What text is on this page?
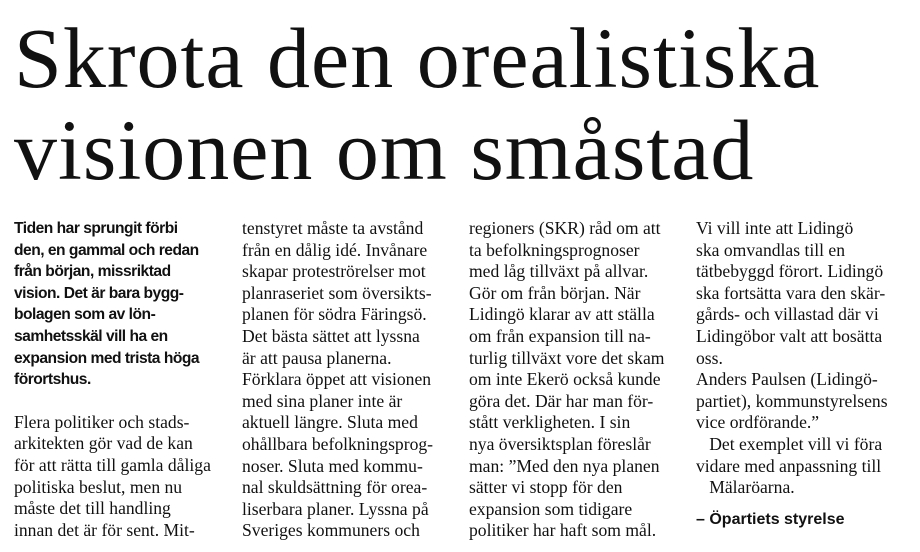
Skrota den orealistiska
visionen om småstad

Tiden har sprungit förbi
den, en gammal och redan
från början, missriktad
vision. Det är bara bygg-
bolagen som av lön-
samhetsskäl vill ha en
expansion med trista höga
förortshus.

Flera politiker och stads-
arkitekten gör vad de kan
för att rätta till gamla dåliga
politiska beslut, men nu
måste det till handling
innan det är för sent. Mit-

tenstyret måste ta avstånd
från en dålig idé. Invånare
skapar proteströrelser mot
planraseriet som översikts-
planen för södra Färingsö.
Det bästa sättet att lyssna
är att pausa planerna.
Förklara öppet att visionen
med sina planer inte är
aktuell längre. Sluta med
ohållbara befolkningsprog-
noser. Sluta med kommu-
nal skuldsättning för orea-
liserbara planer. Lyssna på
Sveriges kommuners och

regioners (SKR) råd om att
ta befolkningsprognoser
med låg tillväxt på allvar.
Gör om från början. När
Lidingö klarar av att ställa
om från expansion till na-
turlig tillväxt vore det skam
om inte Ekerö också kunde
göra det. Där har man för-
stått verkligheten. I sin
nya översiktsplan föreslår
man: ”Med den nya planen
sätter vi stopp för den
expansion som tidigare
politiker har haft som mål.

Vi vill inte att Lidingö
ska omvandlas till en
tätbebyggd förort. Lidingö
ska fortsätta vara den skär-
gårds- och villastad där vi
Lidingöbor valt att bosätta
oss.
Anders Paulsen (Lidingö-
partiet), kommunstyrelsens
vice ordförande.”
Det exemplet vill vi föra
vidare med anpassning till
Mälaröarna.

– Öpartiets styrelse
